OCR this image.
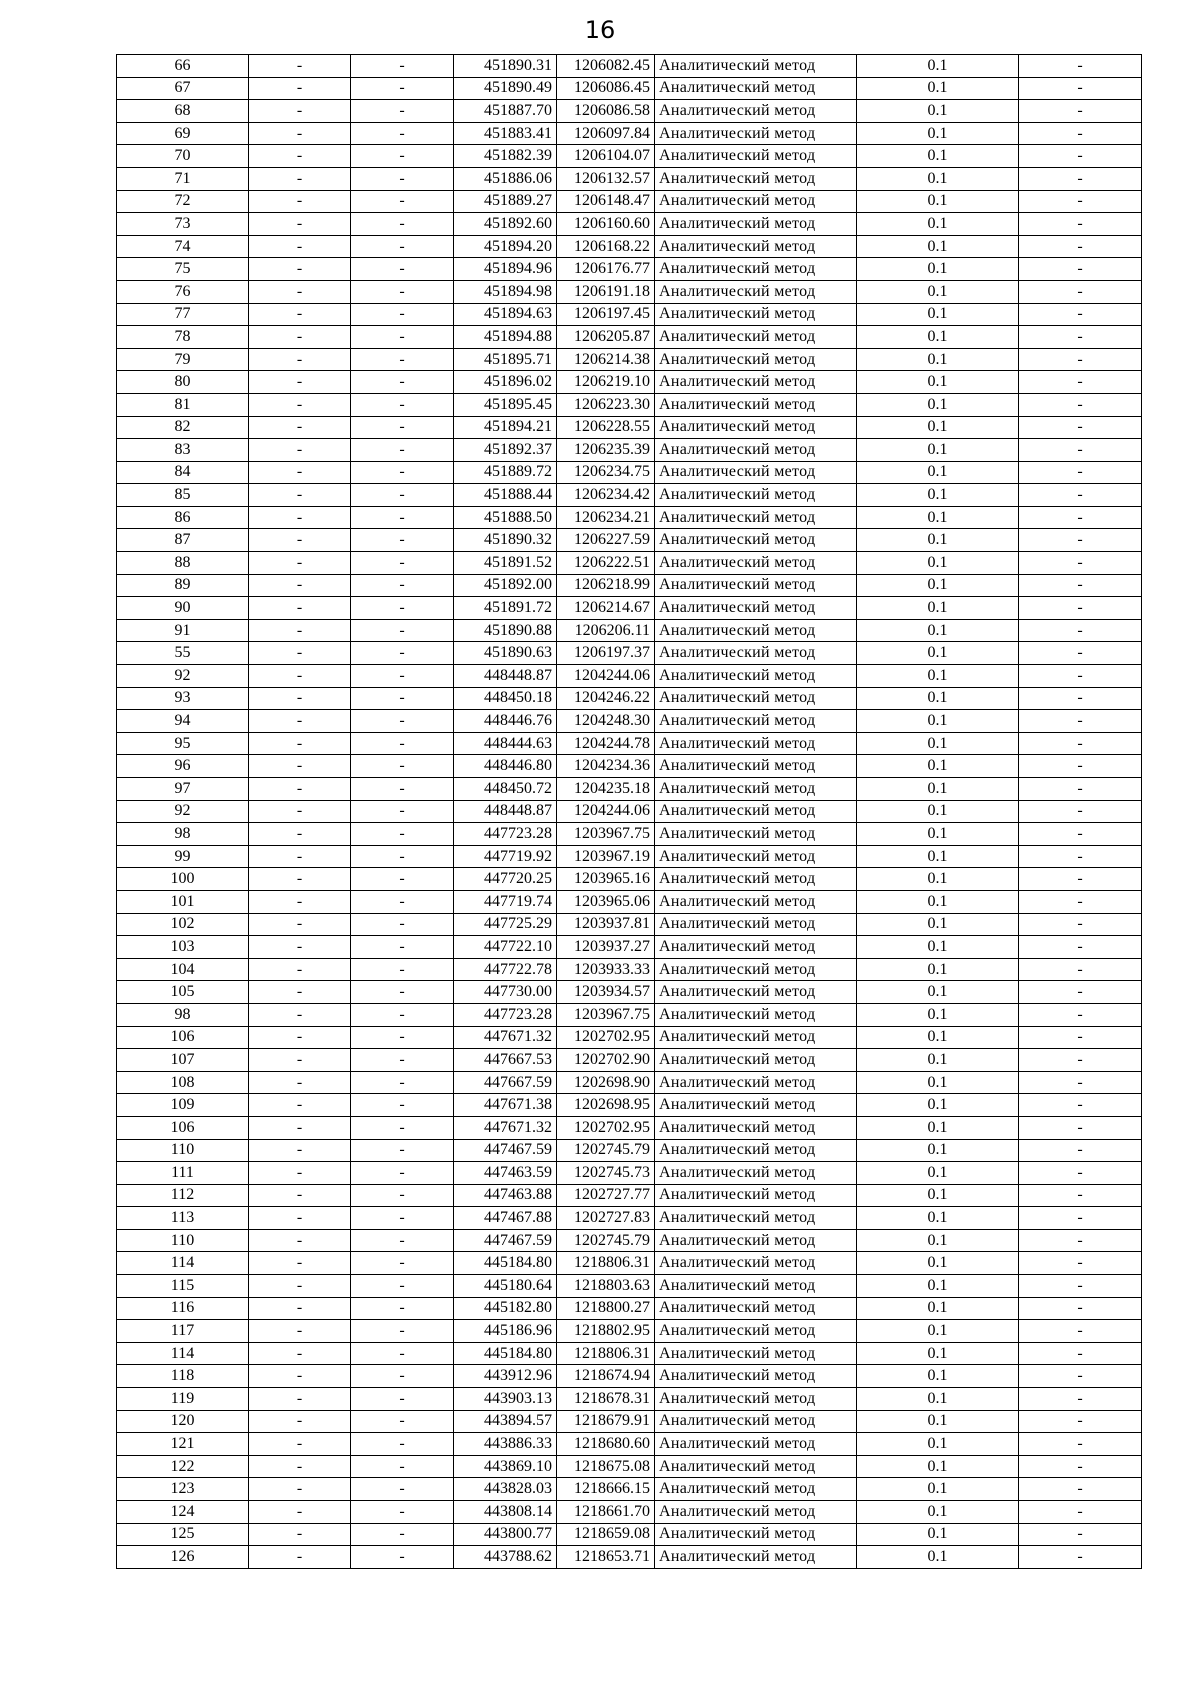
16
66	-	-	451890.31	1206082.45	Аналитический метод	0.1	-
67	-	-	451890.49	1206086.45	Аналитический метод	0.1	-
68	-	-	451887.70	1206086.58	Аналитический метод	0.1	-
69	-	-	451883.41	1206097.84	Аналитический метод	0.1	-
70	-	-	451882.39	1206104.07	Аналитический метод	0.1	-
71	-	-	451886.06	1206132.57	Аналитический метод	0.1	-
72	-	-	451889.27	1206148.47	Аналитический метод	0.1	-
73	-	-	451892.60	1206160.60	Аналитический метод	0.1	-
74	-	-	451894.20	1206168.22	Аналитический метод	0.1	-
75	-	-	451894.96	1206176.77	Аналитический метод	0.1	-
76	-	-	451894.98	1206191.18	Аналитический метод	0.1	-
77	-	-	451894.63	1206197.45	Аналитический метод	0.1	-
78	-	-	451894.88	1206205.87	Аналитический метод	0.1	-
79	-	-	451895.71	1206214.38	Аналитический метод	0.1	-
80	-	-	451896.02	1206219.10	Аналитический метод	0.1	-
81	-	-	451895.45	1206223.30	Аналитический метод	0.1	-
82	-	-	451894.21	1206228.55	Аналитический метод	0.1	-
83	-	-	451892.37	1206235.39	Аналитический метод	0.1	-
84	-	-	451889.72	1206234.75	Аналитический метод	0.1	-
85	-	-	451888.44	1206234.42	Аналитический метод	0.1	-
86	-	-	451888.50	1206234.21	Аналитический метод	0.1	-
87	-	-	451890.32	1206227.59	Аналитический метод	0.1	-
88	-	-	451891.52	1206222.51	Аналитический метод	0.1	-
89	-	-	451892.00	1206218.99	Аналитический метод	0.1	-
90	-	-	451891.72	1206214.67	Аналитический метод	0.1	-
91	-	-	451890.88	1206206.11	Аналитический метод	0.1	-
55	-	-	451890.63	1206197.37	Аналитический метод	0.1	-
92	-	-	448448.87	1204244.06	Аналитический метод	0.1	-
93	-	-	448450.18	1204246.22	Аналитический метод	0.1	-
94	-	-	448446.76	1204248.30	Аналитический метод	0.1	-
95	-	-	448444.63	1204244.78	Аналитический метод	0.1	-
96	-	-	448446.80	1204234.36	Аналитический метод	0.1	-
97	-	-	448450.72	1204235.18	Аналитический метод	0.1	-
92	-	-	448448.87	1204244.06	Аналитический метод	0.1	-
98	-	-	447723.28	1203967.75	Аналитический метод	0.1	-
99	-	-	447719.92	1203967.19	Аналитический метод	0.1	-
100	-	-	447720.25	1203965.16	Аналитический метод	0.1	-
101	-	-	447719.74	1203965.06	Аналитический метод	0.1	-
102	-	-	447725.29	1203937.81	Аналитический метод	0.1	-
103	-	-	447722.10	1203937.27	Аналитический метод	0.1	-
104	-	-	447722.78	1203933.33	Аналитический метод	0.1	-
105	-	-	447730.00	1203934.57	Аналитический метод	0.1	-
98	-	-	447723.28	1203967.75	Аналитический метод	0.1	-
106	-	-	447671.32	1202702.95	Аналитический метод	0.1	-
107	-	-	447667.53	1202702.90	Аналитический метод	0.1	-
108	-	-	447667.59	1202698.90	Аналитический метод	0.1	-
109	-	-	447671.38	1202698.95	Аналитический метод	0.1	-
106	-	-	447671.32	1202702.95	Аналитический метод	0.1	-
110	-	-	447467.59	1202745.79	Аналитический метод	0.1	-
111	-	-	447463.59	1202745.73	Аналитический метод	0.1	-
112	-	-	447463.88	1202727.77	Аналитический метод	0.1	-
113	-	-	447467.88	1202727.83	Аналитический метод	0.1	-
110	-	-	447467.59	1202745.79	Аналитический метод	0.1	-
114	-	-	445184.80	1218806.31	Аналитический метод	0.1	-
115	-	-	445180.64	1218803.63	Аналитический метод	0.1	-
116	-	-	445182.80	1218800.27	Аналитический метод	0.1	-
117	-	-	445186.96	1218802.95	Аналитический метод	0.1	-
114	-	-	445184.80	1218806.31	Аналитический метод	0.1	-
118	-	-	443912.96	1218674.94	Аналитический метод	0.1	-
119	-	-	443903.13	1218678.31	Аналитический метод	0.1	-
120	-	-	443894.57	1218679.91	Аналитический метод	0.1	-
121	-	-	443886.33	1218680.60	Аналитический метод	0.1	-
122	-	-	443869.10	1218675.08	Аналитический метод	0.1	-
123	-	-	443828.03	1218666.15	Аналитический метод	0.1	-
124	-	-	443808.14	1218661.70	Аналитический метод	0.1	-
125	-	-	443800.77	1218659.08	Аналитический метод	0.1	-
126	-	-	443788.62	1218653.71	Аналитический метод	0.1	-
